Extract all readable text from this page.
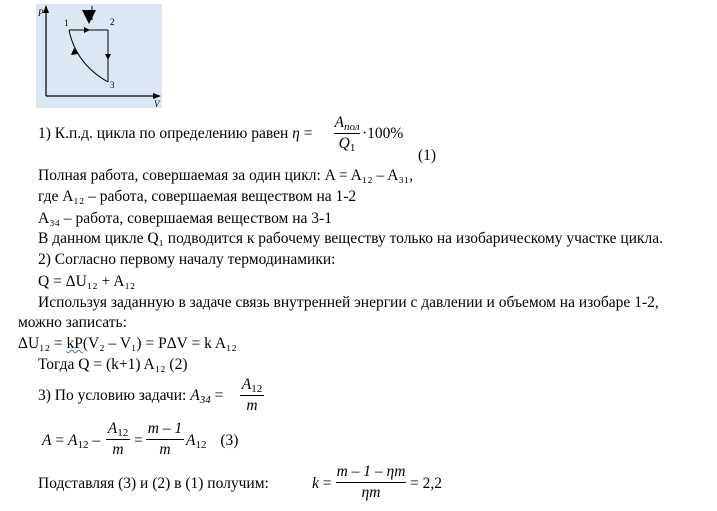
P
V
1	2
3
1) К.п.д. цикла по определению равен η =
$A_{пол}$
$Q_1$
·100%
(1)
Полная работа, совершаемая за один цикл: A = A₁₂ – A₃₁,
где A₁₂ – работа, совершаемая веществом на 1-2
A₃₄ – работа, совершаемая веществом на 3-1
В данном цикле Q₁ подводится к рабочему веществу только на изобарическому участке цикла.
2) Согласно первому началу термодинамики:
Q = ΔU₁₂ + A₁₂
Используя заданную в задаче связь внутренней энергии с давлении и объемом на изобаре 1-2,
можно записать:
ΔU₁₂ = kP(V₂ – V₁) = PΔV = k A₁₂
Тогда Q = (k+1) A₁₂ (2)
3) По условию задачи: $A_{34}$ =
$A_{12}$
m
$A = A_{12}$ –
$A_{12}$
m =
m – 1
m $A_{12}$ (3)
Подставляя (3) и (2) в (1) получим:	k =
m – 1 – ηm
ηm	= 2,2
